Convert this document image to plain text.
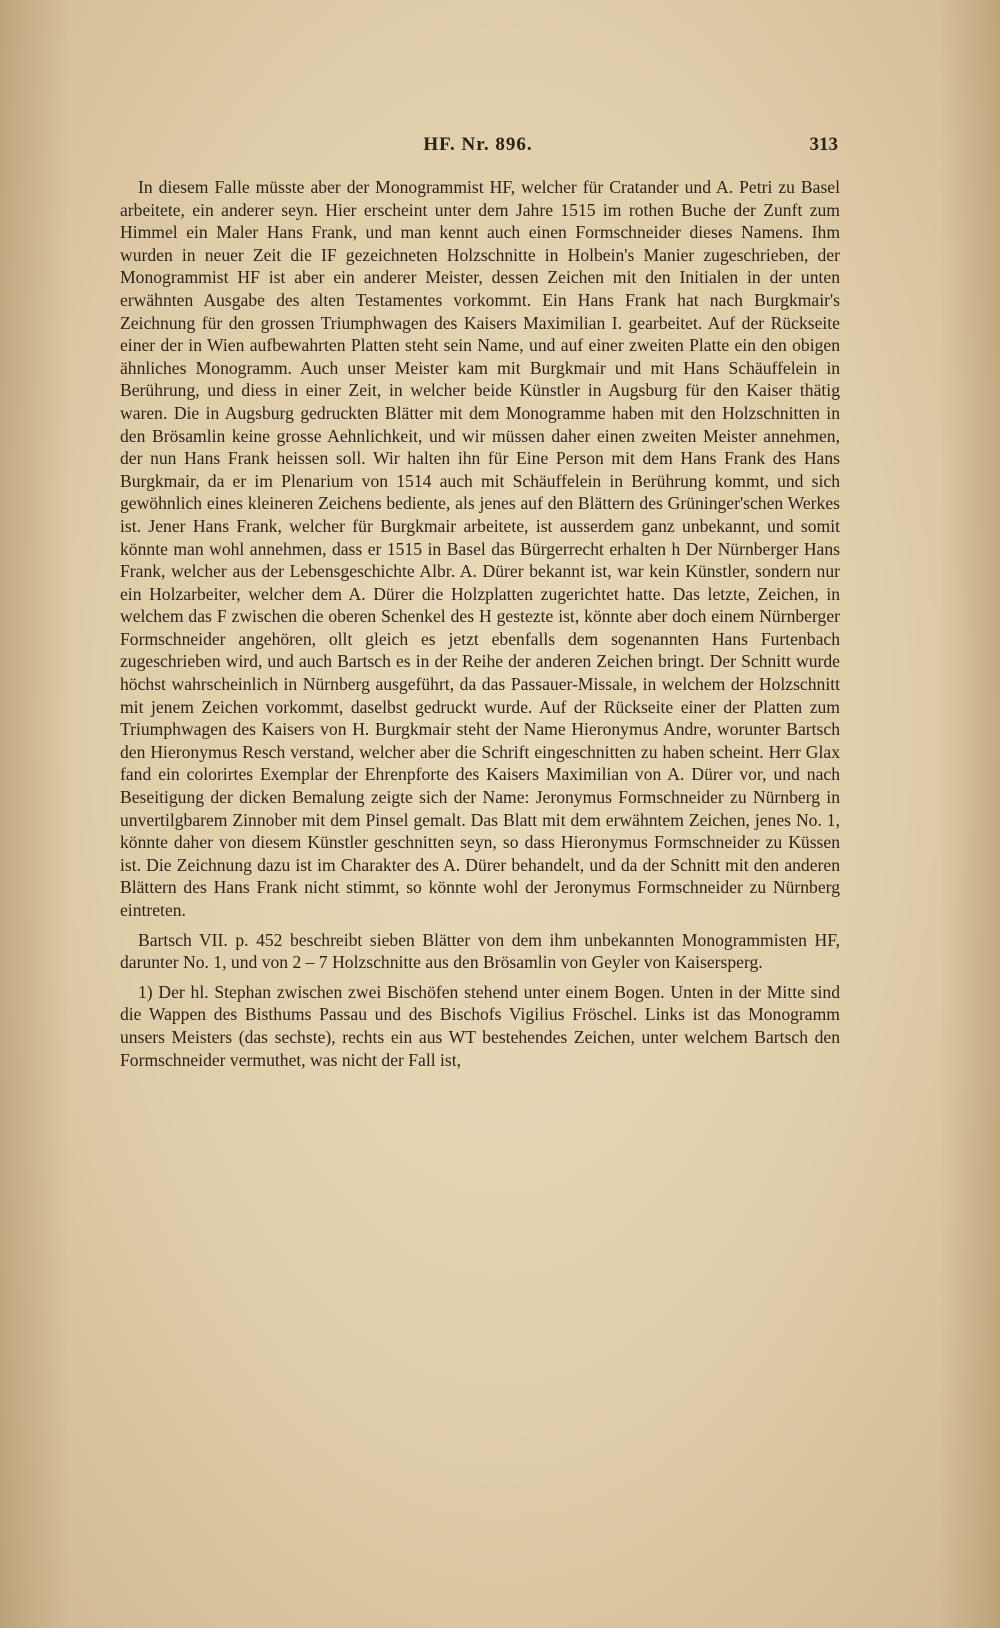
HF. Nr. 896.	313

In diesem Falle müsste aber der Monogrammist HF, welcher für Cratander und A. Petri zu Basel arbeitete, ein anderer seyn. Hier erscheint unter dem Jahre 1515 im rothen Buche der Zunft zum Himmel ein Maler Hans Frank, und man kennt auch einen Formschneider dieses Namens. Ihm wurden in neuer Zeit die IF gezeichneten Holzschnitte in Holbein's Manier zugeschrieben, der Monogrammist HF ist aber ein anderer Meister, dessen Zeichen mit den Initialen in der unten erwähnten Ausgabe des alten Testamentes vorkommt. Ein Hans Frank hat nach Burgkmair's Zeichnung für den grossen Triumphwagen des Kaisers Maximilian I. gearbeitet. Auf der Rückseite einer der in Wien aufbewahrten Platten steht sein Name, und auf einer zweiten Platte ein den obigen ähnliches Monogramm. Auch unser Meister kam mit Burgkmair und mit Hans Schäuffelein in Berührung, und diess in einer Zeit, in welcher beide Künstler in Augsburg für den Kaiser thätig waren. Die in Augsburg gedruckten Blätter mit dem Monogramme haben mit den Holzschnitten in den Brösamlin keine grosse Aehnlichkeit, und wir müssen daher einen zweiten Meister annehmen, der nun Hans Frank heissen soll. Wir halten ihn für Eine Person mit dem Hans Frank des Hans Burgkmair, da er im Plenarium von 1514 auch mit Schäuffelein in Berührung kommt, und sich gewöhnlich eines kleineren Zeichens bediente, als jenes auf den Blättern des Grüninger'schen Werkes ist. Jener Hans Frank, welcher für Burgkmair arbeitete, ist ausserdem ganz unbekannt, und somit könnte man wohl annehmen, dass er 1515 in Basel das Bürgerrecht erhalten h Der Nürnberger Hans Frank, welcher aus der Lebensgeschichte Albr. A. Dürer bekannt ist, war kein Künstler, sondern nur ein Holzarbeiter, welcher dem A. Dürer die Holzplatten zugerichtet hatte. Das letzte, Zeichen, in welchem das F zwischen die oberen Schenkel des H gestezte ist, könnte aber doch einem Nürnberger Formschneider angehören, ollt gleich es jetzt ebenfalls dem sogenannten Hans Furtenbach zugeschrieben wird, und auch Bartsch es in der Reihe der anderen Zeichen bringt. Der Schnitt wurde höchst wahrscheinlich in Nürnberg ausgeführt, da das Passauer-Missale, in welchem der Holzschnitt mit jenem Zeichen vorkommt, daselbst gedruckt wurde. Auf der Rückseite einer der Platten zum Triumphwagen des Kaisers von H. Burgkmair steht der Name Hieronymus Andre, worunter Bartsch den Hieronymus Resch verstand, welcher aber die Schrift eingeschnitten zu haben scheint. Herr Glax fand ein colorirtes Exemplar der Ehrenpforte des Kaisers Maximilian von A. Dürer vor, und nach Beseitigung der dicken Bemalung zeigte sich der Name: Jeronymus Formschneider zu Nürnberg in unvertilgbarem Zinnober mit dem Pinsel gemalt. Das Blatt mit dem erwähntem Zeichen, jenes No. 1, könnte daher von diesem Künstler geschnitten seyn, so dass Hieronymus Formschneider zu Küssen ist. Die Zeichnung dazu ist im Charakter des A. Dürer behandelt, und da der Schnitt mit den anderen Blättern des Hans Frank nicht stimmt, so könnte wohl der Jeronymus Formschneider zu Nürnberg eintreten.

Bartsch VII. p. 452 beschreibt sieben Blätter von dem ihm unbekannten Monogrammisten HF, darunter No. 1, und von 2 – 7 Holzschnitte aus den Brösamlin von Geyler von Kaisersperg.

1) Der hl. Stephan zwischen zwei Bischöfen stehend unter einem Bogen. Unten in der Mitte sind die Wappen des Bisthums Passau und des Bischofs Vigilius Fröschel. Links ist das Monogramm unsers Meisters (das sechste), rechts ein aus WT bestehendes Zeichen, unter welchem Bartsch den Formschneider vermuthet, was nicht der Fall ist,
